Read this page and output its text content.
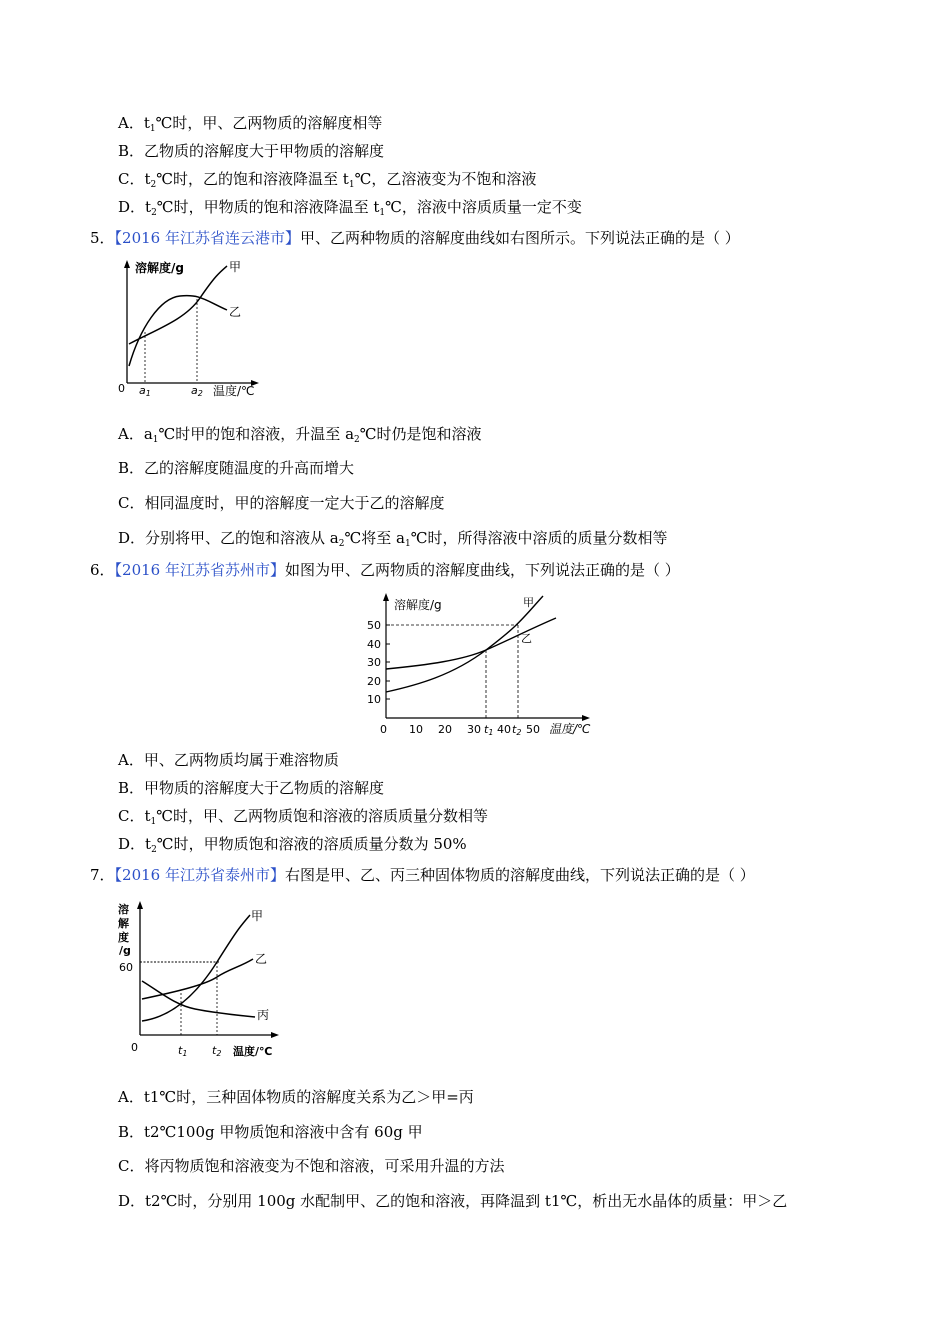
A．$t_1℃$时，甲、乙两物质的溶解度相等
B．乙物质的溶解度大于甲物质的溶解度
C．$t_2℃$时，乙的饱和溶液降温至 $t_1℃$，乙溶液变为不饱和溶液
D．$t_2℃$时，甲物质的饱和溶液降温至 $t_1℃$，溶液中溶质质量一定不变
5．【2016 年江苏省连云港市】甲、乙两种物质的溶解度曲线如右图所示。下列说法正确的是（ ）
溶解度/g
温度/℃
0
甲
乙
a1	a2
A．$a_1℃$时甲的饱和溶液，升温至 $a_2℃$时仍是饱和溶液
B．乙的溶解度随温度的升高而增大
C．相同温度时，甲的溶解度一定大于乙的溶解度
D．分别将甲、乙的饱和溶液从 $a_2℃$将至 $a_1℃$时，所得溶液中溶质的质量分数相等
6．【2016 年江苏省苏州市】如图为甲、乙两物质的溶解度曲线，下列说法正确的是（ ）
溶解度/g
温度/℃
0
50
40
30
20
10
10 20 30 40 50
t1 t2
甲
乙
A．甲、乙两物质均属于难溶物质
B．甲物质的溶解度大于乙物质的溶解度
C．$t_1℃$时，甲、乙两物质饱和溶液的溶质质量分数相等
D．$t_2℃$时，甲物质饱和溶液的溶质质量分数为 50%
7．【2016 年江苏省泰州市】右图是甲、乙、丙三种固体物质的溶解度曲线，下列说法正确的是（ ）
溶
解
度
/g
60
0	温度/℃
t1 t2
甲
乙
丙
A．t1℃时，三种固体物质的溶解度关系为乙＞甲=丙
B．t2℃100g 甲物质饱和溶液中含有 60g 甲
C．将丙物质饱和溶液变为不饱和溶液，可采用升温的方法
D．t2℃时，分别用 100g 水配制甲、乙的饱和溶液，再降温到 t1℃，析出无水晶体的质量：甲＞乙
